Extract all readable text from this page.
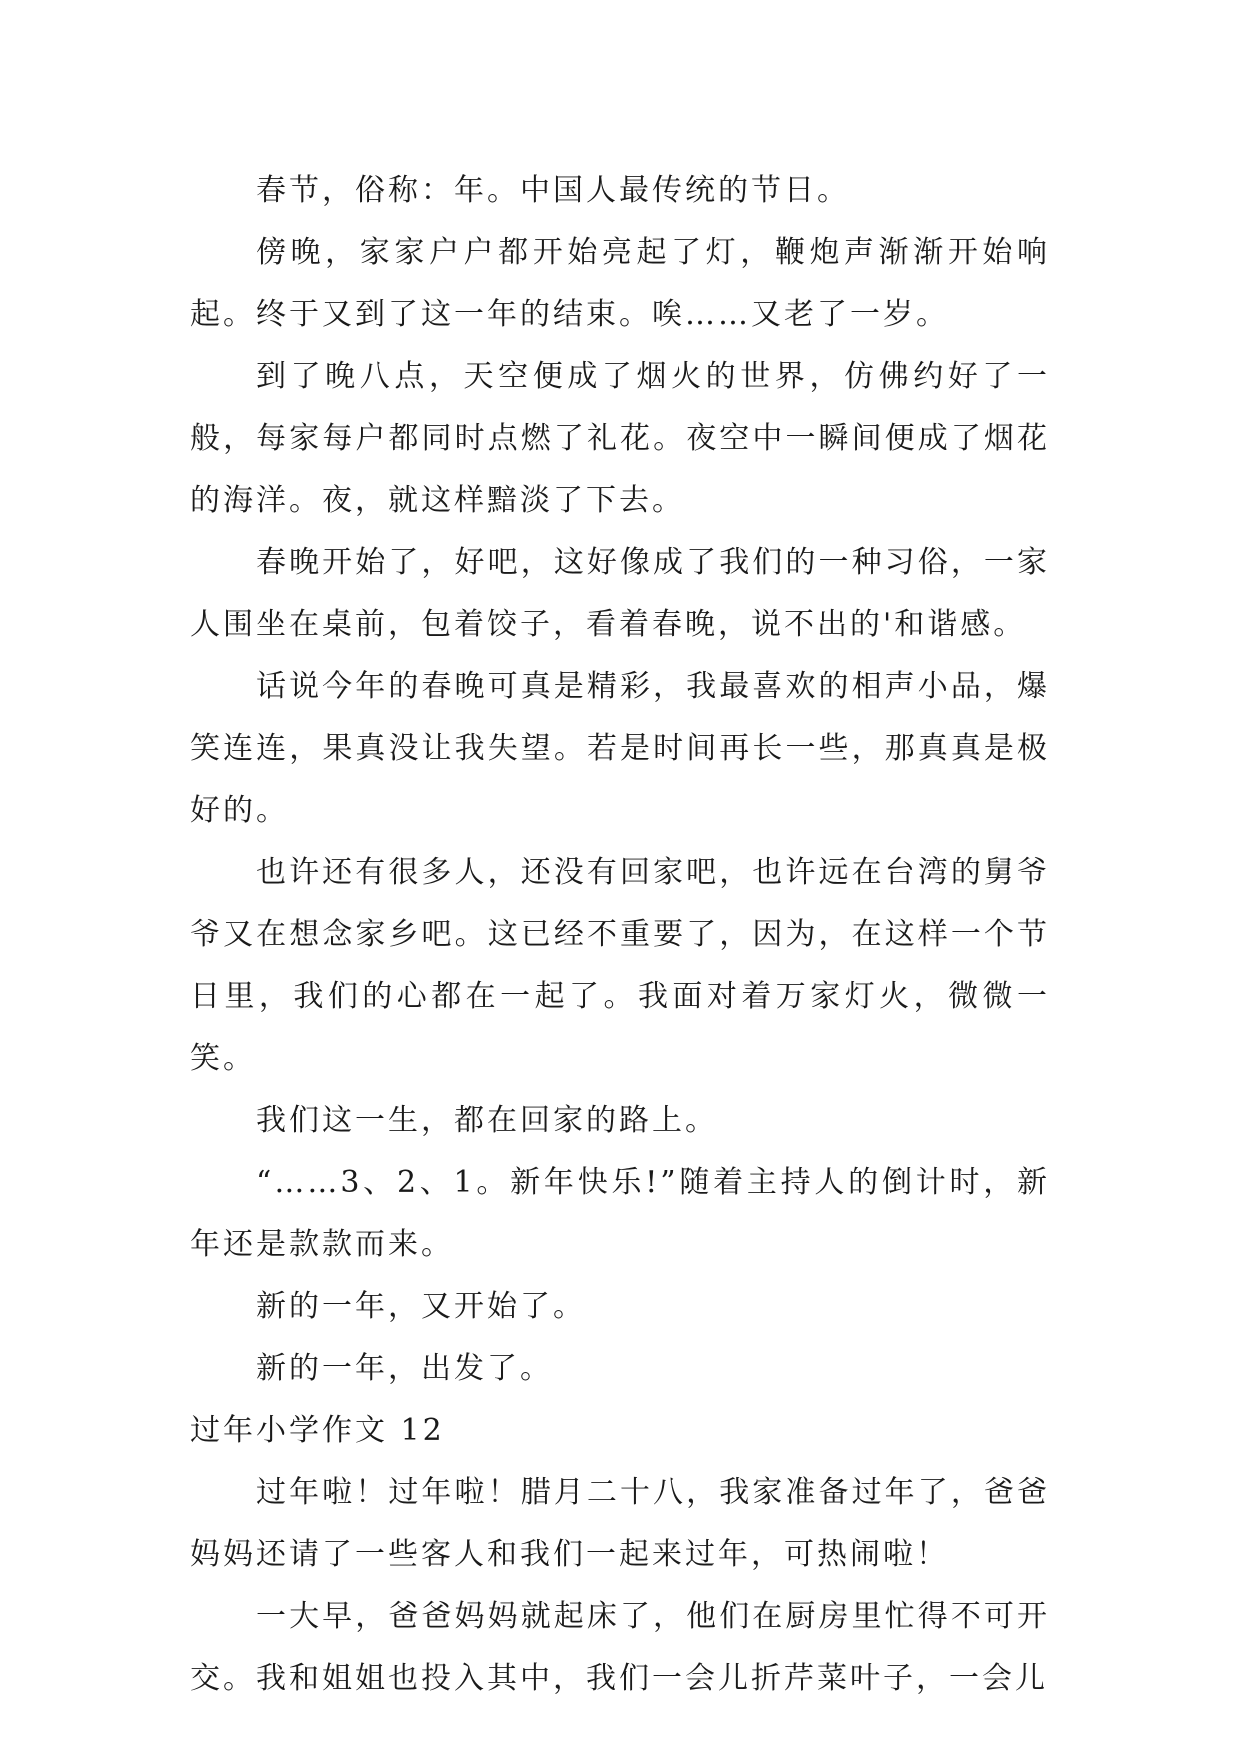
春节，俗称：年。中国人最传统的节日。

傍晚，家家户户都开始亮起了灯，鞭炮声渐渐开始响起。终于又到了这一年的结束。唉……又老了一岁。

到了晚八点，天空便成了烟火的世界，仿佛约好了一般，每家每户都同时点燃了礼花。夜空中一瞬间便成了烟花的海洋。夜，就这样黯淡了下去。

春晚开始了，好吧，这好像成了我们的一种习俗，一家人围坐在桌前，包着饺子，看着春晚，说不出的'和谐感。

话说今年的春晚可真是精彩，我最喜欢的相声小品，爆笑连连，果真没让我失望。若是时间再长一些，那真真是极好的。

也许还有很多人，还没有回家吧，也许远在台湾的舅爷爷又在想念家乡吧。这已经不重要了，因为，在这样一个节日里，我们的心都在一起了。我面对着万家灯火，微微一笑。

我们这一生，都在回家的路上。

“……3、2、1。新年快乐!”随着主持人的倒计时，新年还是款款而来。

新的一年，又开始了。

新的一年，出发了。

过年小学作文 12

过年啦！过年啦！腊月二十八，我家准备过年了，爸爸妈妈还请了一些客人和我们一起来过年，可热闹啦！

一大早，爸爸妈妈就起床了，他们在厨房里忙得不可开交。我和姐姐也投入其中，我们一会儿折芹菜叶子，一会儿
